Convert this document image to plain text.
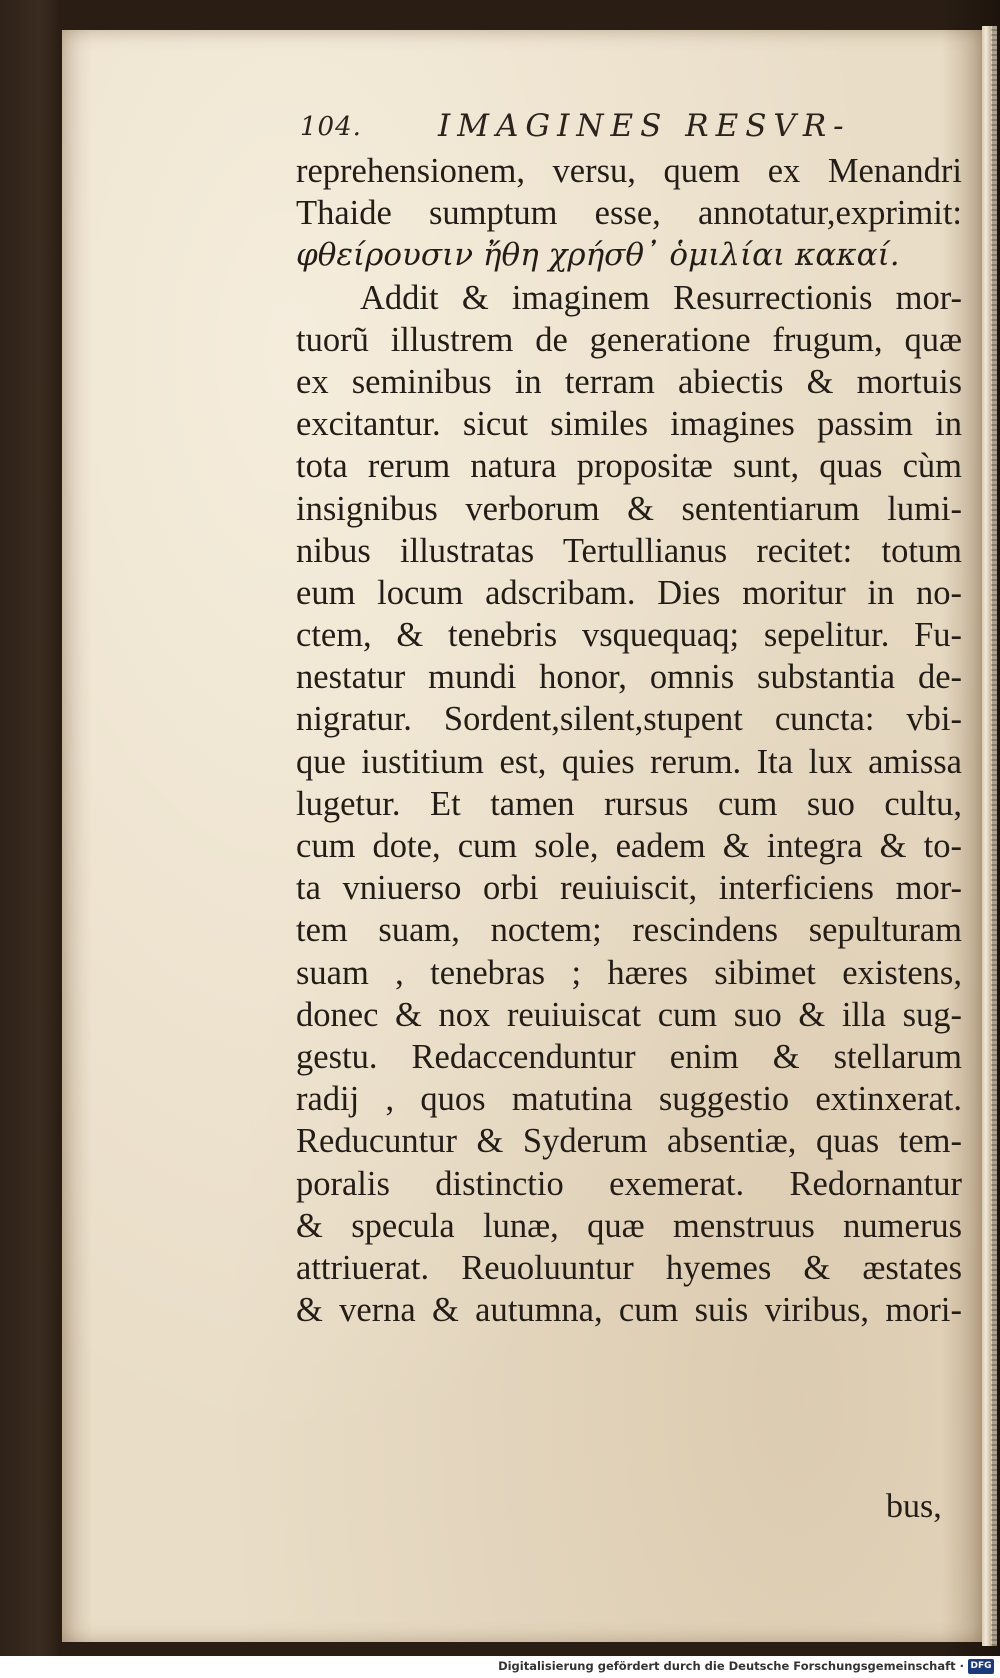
104. IMAGINES RESVR-
reprehensionem, versu, quem ex Menandri
Thaide sumptum esse, annotatur,exprimit:
φθείρουσιν ἤθη χρήσθ᾽ ὁμιλίαι κακαί.
Addit & imaginem Resurrectionis mor-
tuorũ illustrem de generatione frugum, quæ
ex seminibus in terram abiectis & mortuis
excitantur. sicut similes imagines passim in
tota rerum natura propositæ sunt, quas cùm
insignibus verborum & sententiarum lumi-
nibus illustratas Tertullianus recitet: totum
eum locum adscribam. Dies moritur in no-
ctem, & tenebris vsquequaq; sepelitur. Fu-
nestatur mundi honor, omnis substantia de-
nigratur. Sordent,silent,stupent cuncta: vbi-
que iustitium est, quies rerum. Ita lux amissa
lugetur. Et tamen rursus cum suo cultu,
cum dote, cum sole, eadem & integra & to-
ta vniuerso orbi reuiuiscit, interficiens mor-
tem suam, noctem; rescindens sepulturam
suam , tenebras ; hæres sibimet existens,
donec & nox reuiuiscat cum suo & illa sug-
gestu. Redaccenduntur enim & stellarum
radij , quos matutina suggestio extinxerat.
Reducuntur & Syderum absentiæ, quas tem-
poralis distinctio exemerat. Redornantur
& specula lunæ, quæ menstruus numerus
attriuerat. Reuoluuntur hyemes & æstates
& verna & autumna, cum suis viribus, mori-
bus,
Digitalisierung gefördert durch die Deutsche Forschungsgemeinschaft · DFG
